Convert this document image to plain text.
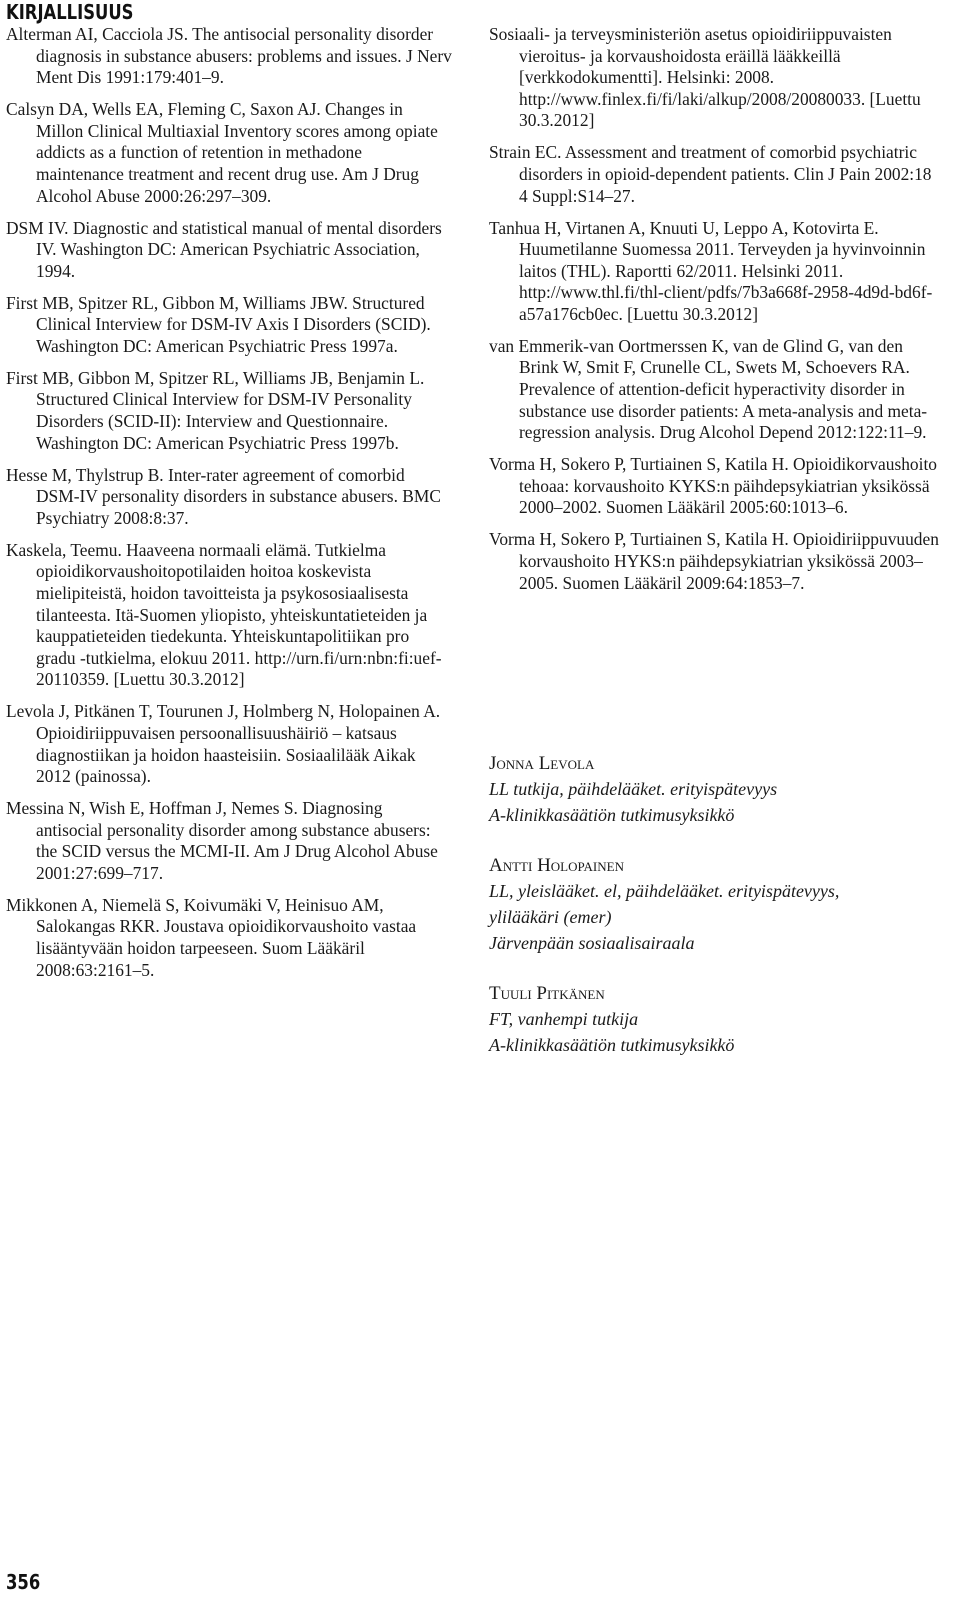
KIRJALLISUUS

Alterman AI, Cacciola JS. The antisocial personality disorder diagnosis in substance abusers: problems and issues. J Nerv Ment Dis 1991:179:401–9.

Calsyn DA, Wells EA, Fleming C, Saxon AJ. Changes in Millon Clinical Multiaxial Inventory scores among opiate addicts as a function of retention in methadone maintenance treatment and recent drug use. Am J Drug Alcohol Abuse 2000:26:297–309.

DSM IV. Diagnostic and statistical manual of mental disorders IV. Washington DC: American Psychiatric Association, 1994.

First MB, Spitzer RL, Gibbon M, Williams JBW. Structured Clinical Interview for DSM-IV Axis I Disorders (SCID). Washington DC: American Psychiatric Press 1997a.

First MB, Gibbon M, Spitzer RL, Williams JB, Benjamin L. Structured Clinical Interview for DSM-IV Personality Disorders (SCID-II): Interview and Questionnaire. Washington DC: American Psychiatric Press 1997b.

Hesse M, Thylstrup B. Inter-rater agreement of comorbid DSM-IV personality disorders in substance abusers. BMC Psychiatry 2008:8:37.

Kaskela, Teemu. Haaveena normaali elämä. Tutkielma opioidikorvaushoitopotilaiden hoitoa koskevista mielipiteistä, hoidon tavoitteista ja psykososiaalisesta tilanteesta. Itä-Suomen yliopisto, yhteiskuntatieteiden ja kauppatieteiden tiedekunta. Yhteiskuntapolitiikan pro gradu -tutkielma, elokuu 2011. http://urn.fi/urn:nbn:fi:uef-20110359. [Luettu 30.3.2012]

Levola J, Pitkänen T, Tourunen J, Holmberg N, Holopainen A. Opioidiriippuvaisen persoonallisuushäiriö – katsaus diagnostiikan ja hoidon haasteisiin. Sosiaalilääk Aikak 2012 (painossa).

Messina N, Wish E, Hoffman J, Nemes S. Diagnosing antisocial personality disorder among substance abusers: the SCID versus the MCMI-II. Am J Drug Alcohol Abuse 2001:27:699–717.

Mikkonen A, Niemelä S, Koivumäki V, Heinisuo AM, Salokangas RKR. Joustava opioidikorvaushoito vastaa lisääntyvään hoidon tarpeeseen. Suom Lääkäril 2008:63:2161–5.

Sosiaali- ja terveysministeriön asetus opioidiriippuvaisten vieroitus- ja korvaushoidosta eräillä lääkkeillä [verkkodokumentti]. Helsinki: 2008. http://www.finlex.fi/fi/laki/alkup/2008/20080033. [Luettu 30.3.2012]

Strain EC. Assessment and treatment of comorbid psychiatric disorders in opioid-dependent patients. Clin J Pain 2002:18 4 Suppl:S14–27.

Tanhua H, Virtanen A, Knuuti U, Leppo A, Kotovirta E. Huumetilanne Suomessa 2011. Terveyden ja hyvinvoinnin laitos (THL). Raportti 62/2011. Helsinki 2011. http://www.thl.fi/thl-client/pdfs/7b3a668f-2958-4d9d-bd6f-a57a176cb0ec. [Luettu 30.3.2012]

van Emmerik-van Oortmerssen K, van de Glind G, van den Brink W, Smit F, Crunelle CL, Swets M, Schoevers RA. Prevalence of attention-deficit hyperactivity disorder in substance use disorder patients: A meta-analysis and meta-regression analysis. Drug Alcohol Depend 2012:122:11–9.

Vorma H, Sokero P, Turtiainen S, Katila H. Opioidikorvaushoito tehoaa: korvaushoito KYKS:n päihdepsykiatrian yksikössä 2000–2002. Suomen Lääkäril 2005:60:1013–6.

Vorma H, Sokero P, Turtiainen S, Katila H. Opioidiriippuvuuden korvaushoito HYKS:n päihdepsykiatrian yksikössä 2003–2005. Suomen Lääkäril 2009:64:1853–7.

Jonna Levola

LL tutkija, päihdelääket. erityispätevyys

A-klinikkasäätiön tutkimusyksikkö

Antti Holopainen

LL, yleislääket. el, päihdelääket. erityispätevyys,

ylilääkäri (emer)

Järvenpään sosiaalisairaala

Tuuli Pitkänen

FT, vanhempi tutkija

A-klinikkasäätiön tutkimusyksikkö

356
